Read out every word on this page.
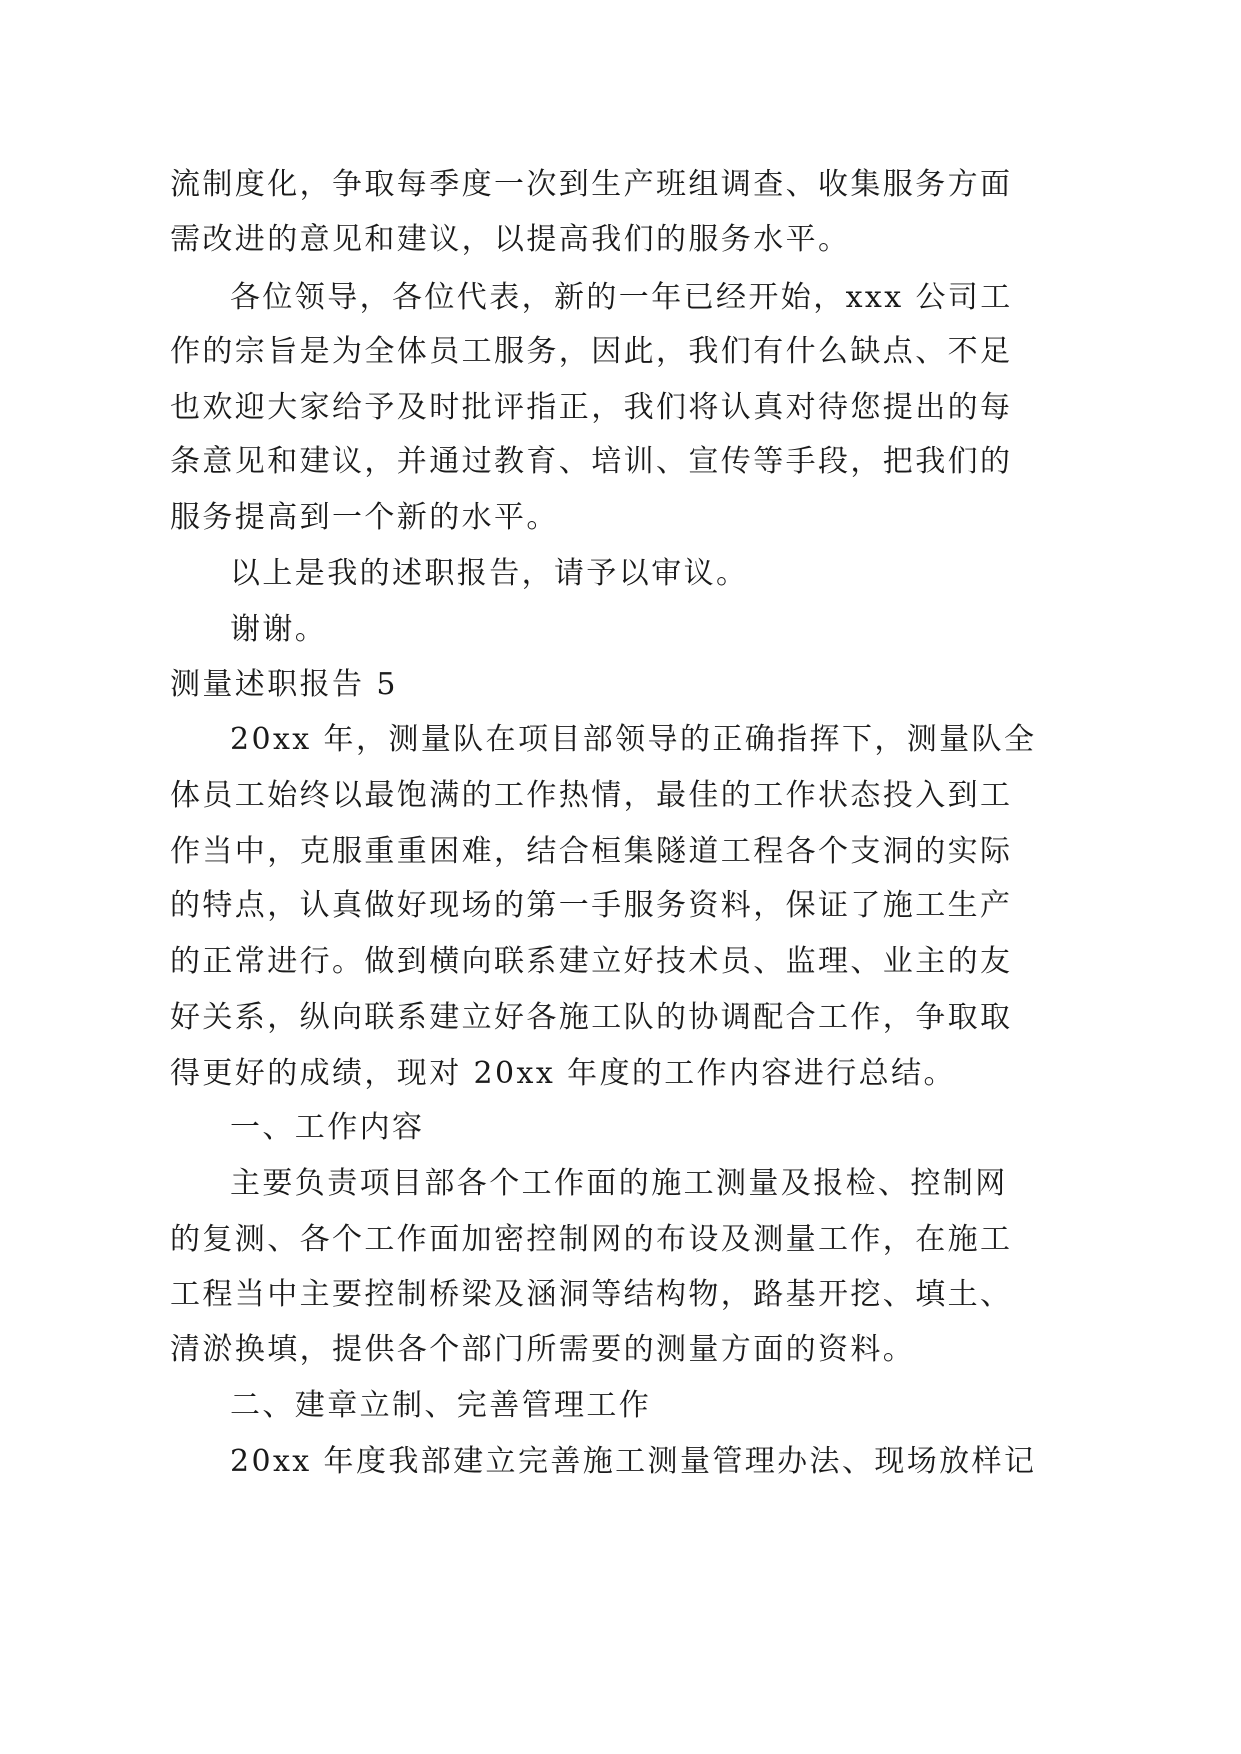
流制度化，争取每季度一次到生产班组调查、收集服务方面
需改进的意见和建议，以提高我们的服务水平。
各位领导，各位代表，新的一年已经开始，xxx 公司工
作的宗旨是为全体员工服务，因此，我们有什么缺点、不足
也欢迎大家给予及时批评指正，我们将认真对待您提出的每
条意见和建议，并通过教育、培训、宣传等手段，把我们的
服务提高到一个新的水平。
以上是我的述职报告，请予以审议。
谢谢。
测量述职报告 5
20xx 年，测量队在项目部领导的正确指挥下，测量队全
体员工始终以最饱满的工作热情，最佳的工作状态投入到工
作当中，克服重重困难，结合桓集隧道工程各个支洞的实际
的特点，认真做好现场的第一手服务资料，保证了施工生产
的正常进行。做到横向联系建立好技术员、监理、业主的友
好关系，纵向联系建立好各施工队的协调配合工作，争取取
得更好的成绩，现对 20xx 年度的工作内容进行总结。
一、工作内容
主要负责项目部各个工作面的施工测量及报检、控制网
的复测、各个工作面加密控制网的布设及测量工作，在施工
工程当中主要控制桥梁及涵洞等结构物，路基开挖、填土、
清淤换填，提供各个部门所需要的测量方面的资料。
二、建章立制、完善管理工作
20xx 年度我部建立完善施工测量管理办法、现场放样记
